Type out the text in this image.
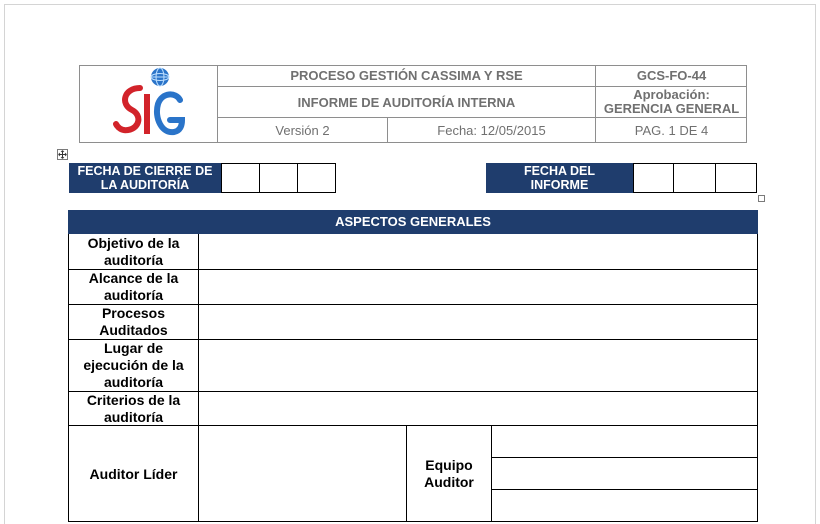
PROCESO GESTIÓN CASSIMA Y RSE
INFORME DE AUDITORÍA INTERNA
GCS-FO-44
Aprobación:
GERENCIA GENERAL
Versión 2	Fecha: 12/05/2015	PAG. 1 DE 4
FECHA DE CIERRE DE LA AUDITORÍA
FECHA DEL INFORME
ASPECTOS GENERALES
Objetivo de la auditoría
Alcance de la auditoría
Procesos Auditados
Lugar de ejecución de la auditoría
Criterios de la auditoría
Auditor Líder
Equipo Auditor
